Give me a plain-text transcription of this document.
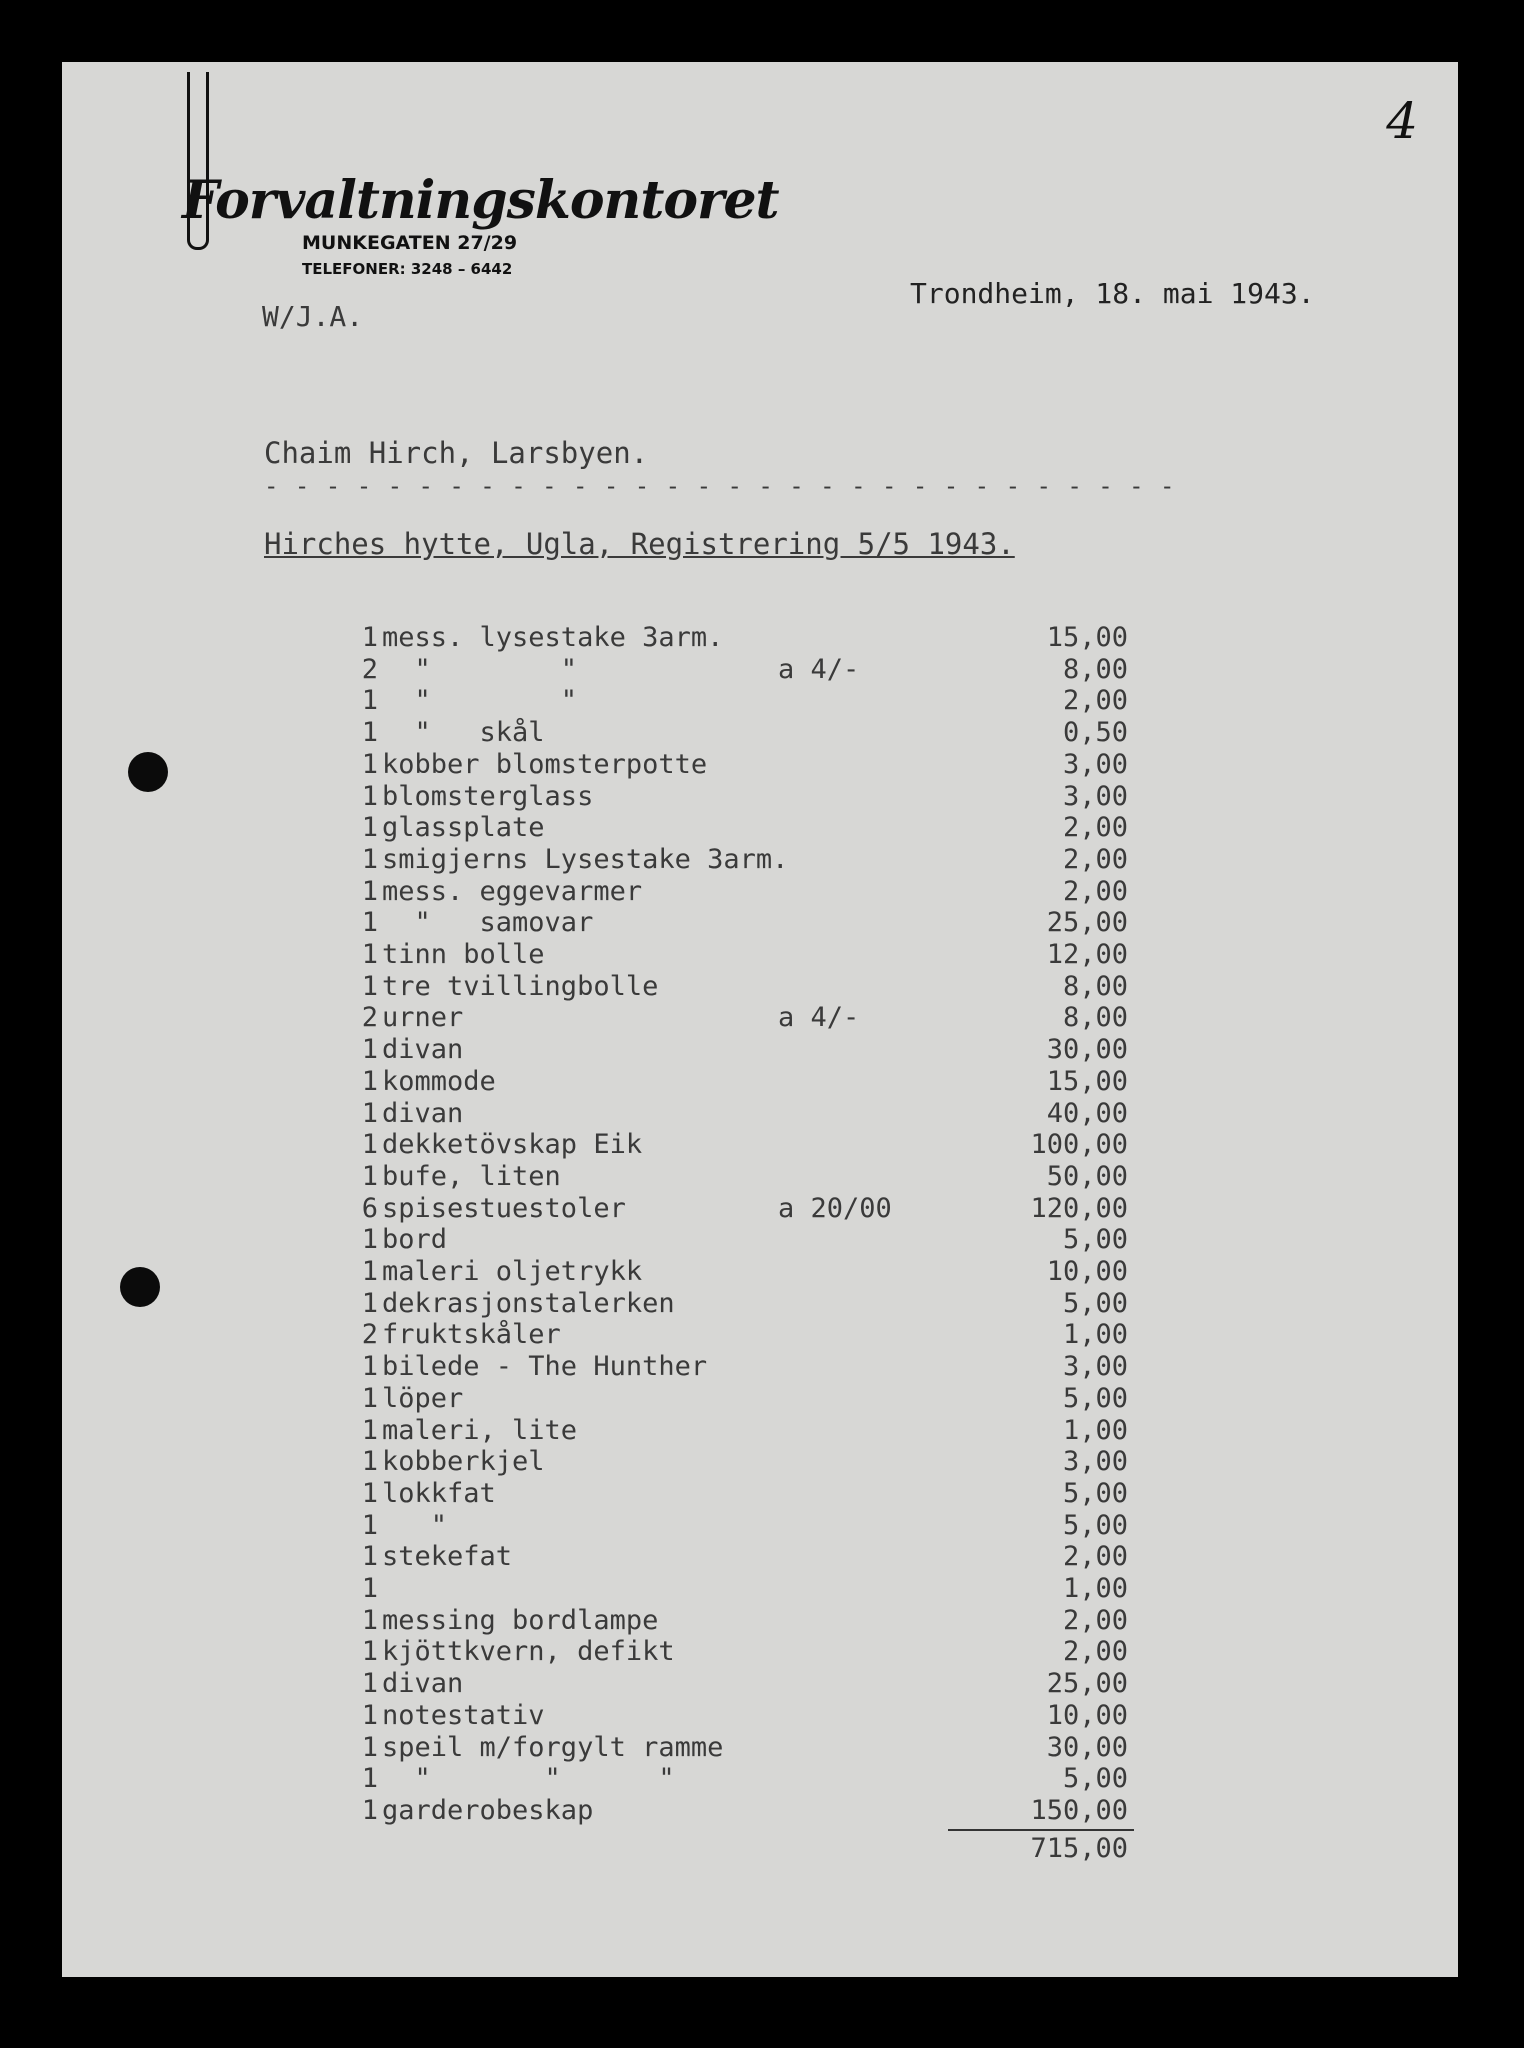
4
Forvaltningskontoret
MUNKEGATEN 27/29
TELEFONER: 3248 – 6442
Trondheim, 18. mai 1943.
W/J.A.
Chaim Hirch, Larsbyen.
- - - - - - - - - - - - - - - - - - - - - - - - - - - - - -
Hirches hytte, Ugla, Registrering 5/5 1943.
1 mess. lysestake 3arm.	15,00
2 "        "	a 4/-	8,00
1 "        "	2,00
1 "   skål	0,50
1 kobber blomsterpotte	3,00
1 blomsterglass	3,00
1 glassplate	2,00
1 smigjerns Lysestake 3arm.	2,00
1 mess. eggevarmer	2,00
1 "   samovar	25,00
1 tinn bolle	12,00
1 tre tvillingbolle	8,00
2 urner	a 4/-	8,00
1 divan	30,00
1 kommode	15,00
1 divan	40,00
1 dekketövskap Eik	100,00
1 bufe, liten	50,00
6 spisestuestoler	a 20/00	120,00
1 bord	5,00
1 maleri oljetrykk	10,00
1 dekrasjonstalerken	5,00
2 fruktskåler	1,00
1 bilede - The Hunther	3,00
1 löper	5,00
1 maleri, lite	1,00
1 kobberkjel	3,00
1 lokkfat	5,00
1 "	5,00
1 stekefat	2,00
1	1,00
1 messing bordlampe	2,00
1 kjöttkvern, defikt	2,00
1 divan	25,00
1 notestativ	10,00
1 speil m/forgylt ramme	30,00
1 "       "      "	5,00
1 garderobeskap	150,00
715,00
